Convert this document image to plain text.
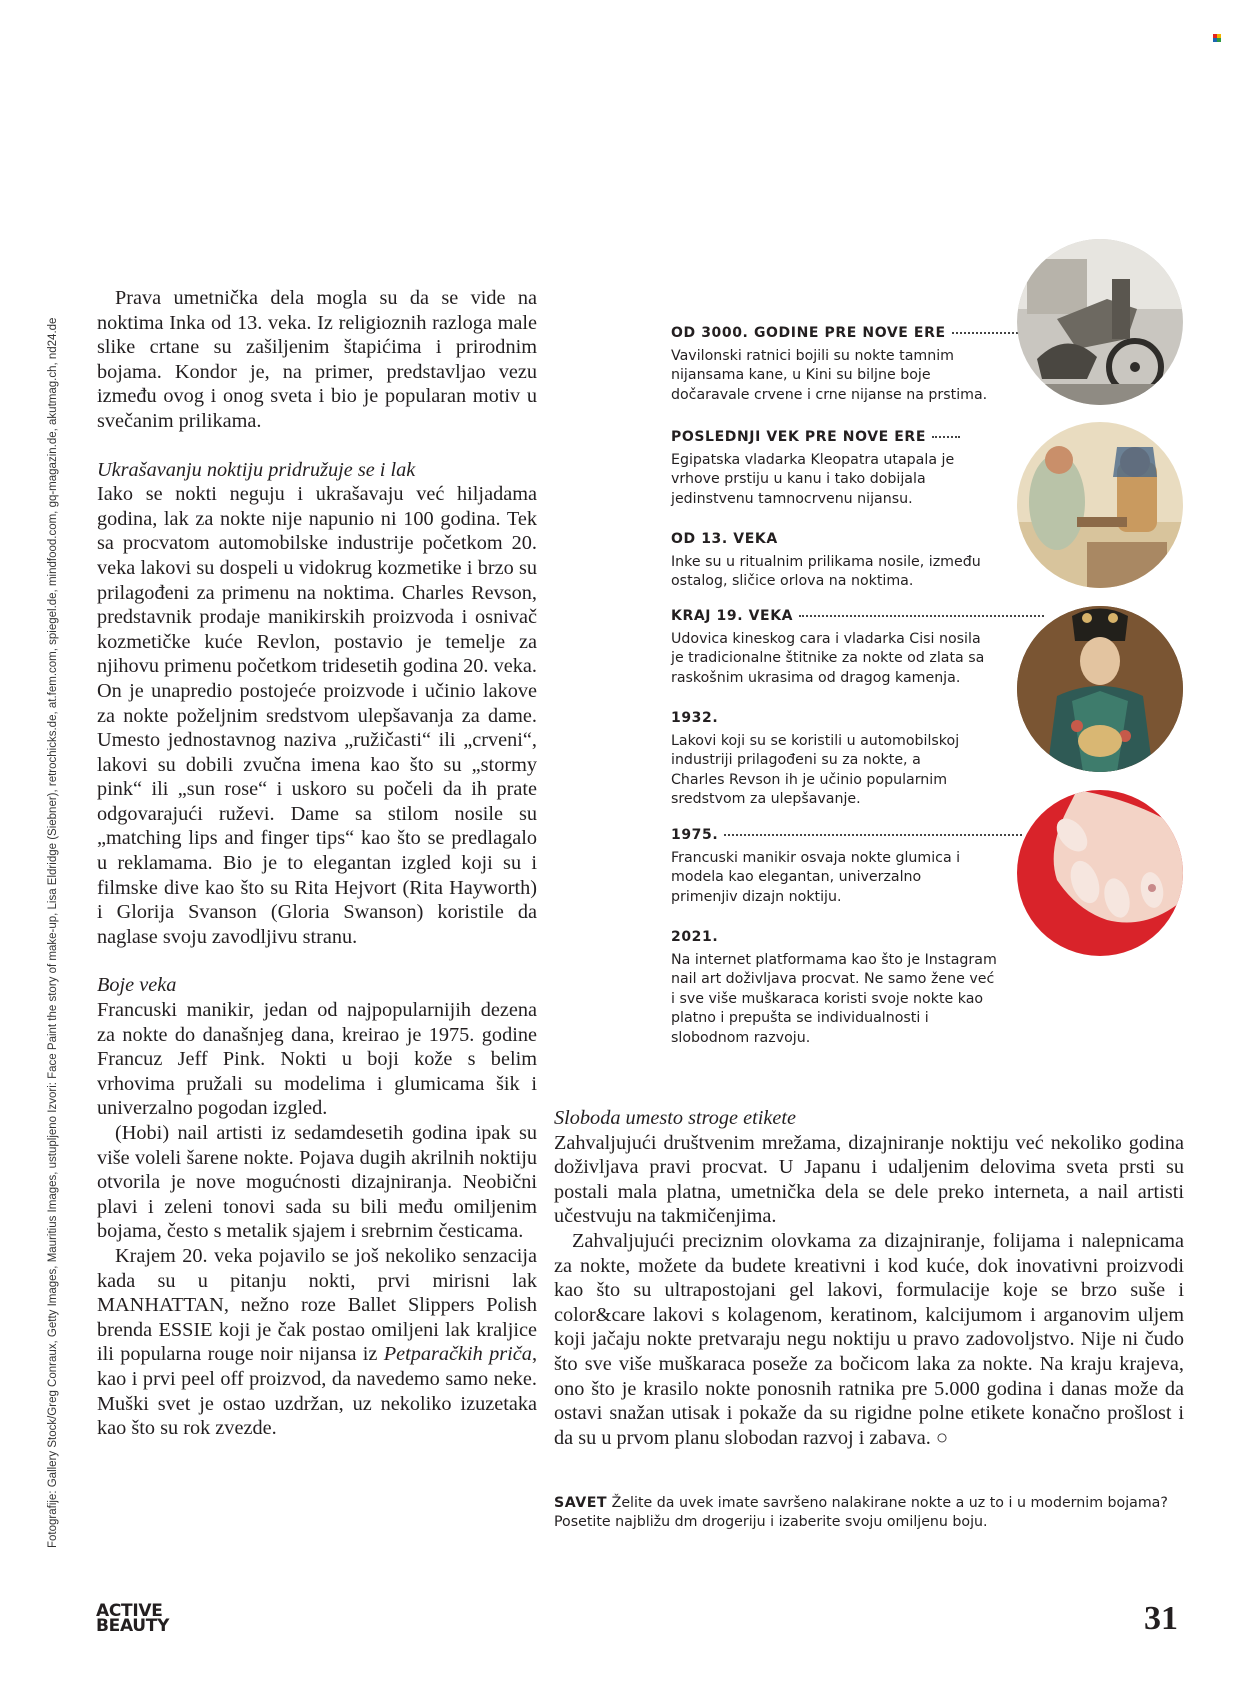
Fotografije: Gallery Stock/Greg Conraux, Getty Images, Mauritius Images, ustupljeno Izvori: Face Paint the story of make-up, Lisa Eldridge (Siebner), retrochicks.de, at.fem.com, spiegel.de, mindfood.com, gq-magazin.de, akutmag.ch, nd24.de

Prava umetnička dela mogla su da se vide na noktima Inka od 13. veka. Iz religioznih razloga male slike crtane su zašiljenim štapićima i prirodnim bojama. Kondor je, na primer, predstavljao vezu između ovog i onog sveta i bio je popularan motiv u svečanim prilikama.

Ukrašavanju noktiju pridružuje se i lak

Iako se nokti neguju i ukrašavaju već hiljadama godina, lak za nokte nije napunio ni 100 godina. Tek sa procvatom automobilske industrije početkom 20. veka lakovi su dospeli u vidokrug kozmetike i brzo su prilagođeni za primenu na noktima. Charles Revson, predstavnik prodaje manikirskih proizvoda i osnivač kozmetičke kuće Revlon, postavio je temelje za njihovu primenu početkom tridesetih godina 20. veka. On je unapredio postojeće proizvode i učinio lakove za nokte poželjnim sredstvom ulepšavanja za dame. Umesto jednostavnog naziva „ružičasti“ ili „crveni“, lakovi su dobili zvučna imena kao što su „stormy pink“ ili „sun rose“ i uskoro su počeli da ih prate odgovarajući ruževi. Dame sa stilom nosile su „matching lips and finger tips“ kao što se predlagalo u reklamama. Bio je to elegantan izgled koji su i filmske dive kao što su Rita Hejvort (Rita Hayworth) i Glorija Svanson (Gloria Swanson) koristile da naglase svoju zavodljivu stranu.

Boje veka

Francuski manikir, jedan od najpopularnijih dezena za nokte do današnjeg dana, kreirao je 1975. godine Francuz Jeff Pink. Nokti u boji kože s belim vrhovima pružali su modelima i glumicama šik i univerzalno pogodan izgled.

(Hobi) nail artisti iz sedamdesetih godina ipak su više voleli šarene nokte. Pojava dugih akrilnih noktiju otvorila je nove mogućnosti dizajniranja. Neobični plavi i zeleni tonovi sada su bili među omiljenim bojama, često s metalik sjajem i srebrnim česticama.

Krajem 20. veka pojavilo se još nekoliko senzacija kada su u pitanju nokti, prvi mirisni lak MANHATTAN, nežno roze Ballet Slippers Polish brenda ESSIE koji je čak postao omiljeni lak kraljice ili popularna rouge noir nijansa iz Petparačkih priča, kao i prvi peel off proizvod, da navedemo samo neke. Muški svet je ostao uzdržan, uz nekoliko izuzetaka kao što su rok zvezde.

OD 3000. GODINE PRE NOVE ERE
Vavilonski ratnici bojili su nokte tamnim nijansama kane, u Kini su biljne boje dočaravale crvene i crne nijanse na prstima.
POSLEDNJI VEK PRE NOVE ERE
Egipatska vladarka Kleopatra utapala je vrhove prstiju u kanu i tako dobijala jedinstvenu tamnocrvenu nijansu.
OD 13. VEKA
Inke su u ritualnim prilikama nosile, između ostalog, sličice orlova na noktima.
KRAJ 19. VEKA
Udovica kineskog cara i vladarka Cisi nosila je tradicionalne štitnike za nokte od zlata sa raskošnim ukrasima od dragog kamenja.
1932.
Lakovi koji su se koristili u automobilskoj industriji prilagođeni su za nokte, a Charles Revson ih je učinio popularnim sredstvom za ulepšavanje.
1975.
Francuski manikir osvaja nokte glumica i modela kao elegantan, univerzalno primenjiv dizajn noktiju.
2021.
Na internet platformama kao što je Instagram nail art doživljava procvat. Ne samo žene već i sve više muškaraca koristi svoje nokte kao platno i prepušta se individualnosti i slobodnom razvoju.
Sloboda umesto stroge etikete

Zahvaljujući društvenim mrežama, dizajniranje noktiju već nekoliko godina doživljava pravi procvat. U Japanu i udaljenim delovima sveta prsti su postali mala platna, umetnička dela se dele preko interneta, a nail artisti učestvuju na takmičenjima.

Zahvaljujući preciznim olovkama za dizajniranje, folijama i nalepnicama za nokte, možete da budete kreativni i kod kuće, dok inovativni proizvodi kao što su ultrapostojani gel lakovi, formulacije koje se brzo suše i color&care lakovi s kolagenom, keratinom, kalcijumom i arganovim uljem koji jačaju nokte pretvaraju negu noktiju u pravo zadovoljstvo. Nije ni čudo što sve više muškaraca poseže za bočicom laka za nokte. Na kraju krajeva, ono što je krasilo nokte ponosnih ratnika pre 5.000 godina i danas može da ostavi snažan utisak i pokaže da su rigidne polne etikete konačno prošlost i da su u prvom planu slobodan razvoj i zabava. ○

SAVET Želite da uvek imate savršeno nalakirane nokte a uz to i u modernim bojama? Posetite najbližu dm drogeriju i izaberite svoju omiljenu boju.
ACTIVE
BEAUTY	31
